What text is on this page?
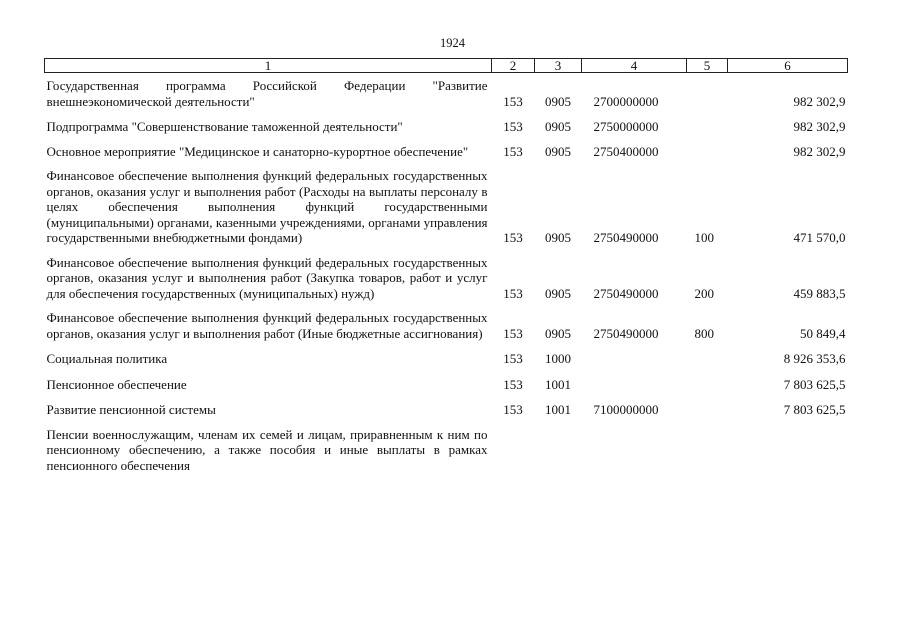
1924
1	2	3	4	5	6
Государственная программа Российской Федерации "Развитие внешнеэкономической деятельности"	153	0905	2700000000		982 302,9
Подпрограмма "Совершенствование таможенной деятельности"	153	0905	2750000000		982 302,9
Основное мероприятие "Медицинское и санаторно-курортное обеспечение"	153	0905	2750400000		982 302,9
Финансовое обеспечение выполнения функций федеральных государственных органов, оказания услуг и выполнения работ (Расходы на выплаты персоналу в целях обеспечения выполнения функций государственными (муниципальными) органами, казенными учреждениями, органами управления государственными внебюджетными фондами)	153	0905	2750490000	100	471 570,0
Финансовое обеспечение выполнения функций федеральных государственных органов, оказания услуг и выполнения работ (Закупка товаров, работ и услуг для обеспечения государственных (муниципальных) нужд)	153	0905	2750490000	200	459 883,5
Финансовое обеспечение выполнения функций федеральных государственных органов, оказания услуг и выполнения работ (Иные бюджетные ассигнования)	153	0905	2750490000	800	50 849,4
Социальная политика	153	1000			8 926 353,6
Пенсионное обеспечение	153	1001			7 803 625,5
Развитие пенсионной системы	153	1001	7100000000		7 803 625,5
Пенсии военнослужащим, членам их семей и лицам, приравненным к ним по пенсионному обеспечению, а также пособия и иные выплаты в рамках пенсионного обеспечения					
